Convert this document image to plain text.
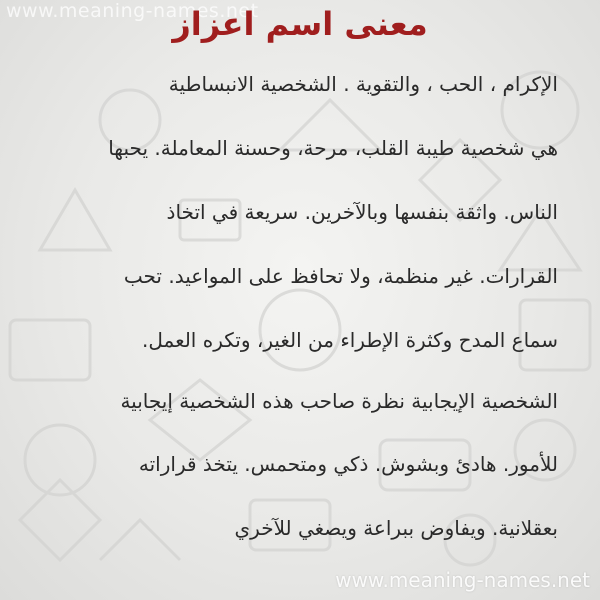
www.meaning-names.net
معنى اسم اعزاز
الإكرام ، الحب ، والتقوية . الشخصية الانبساطية
هي شخصية طيبة القلب، مرحة، وحسنة المعاملة. يحبها
الناس. واثقة بنفسها وبالآخرين. سريعة في اتخاذ
القرارات. غير منظمة، ولا تحافظ على المواعيد. تحب
سماع المدح وكثرة الإطراء من الغير، وتكره العمل.
الشخصية الإيجابية نظرة صاحب هذه الشخصية إيجابية
للأمور. هادئ وبشوش. ذكي ومتحمس. يتخذ قراراته
بعقلانية. ويفاوض ببراعة ويصغي للآخري
www.meaning-names.net
